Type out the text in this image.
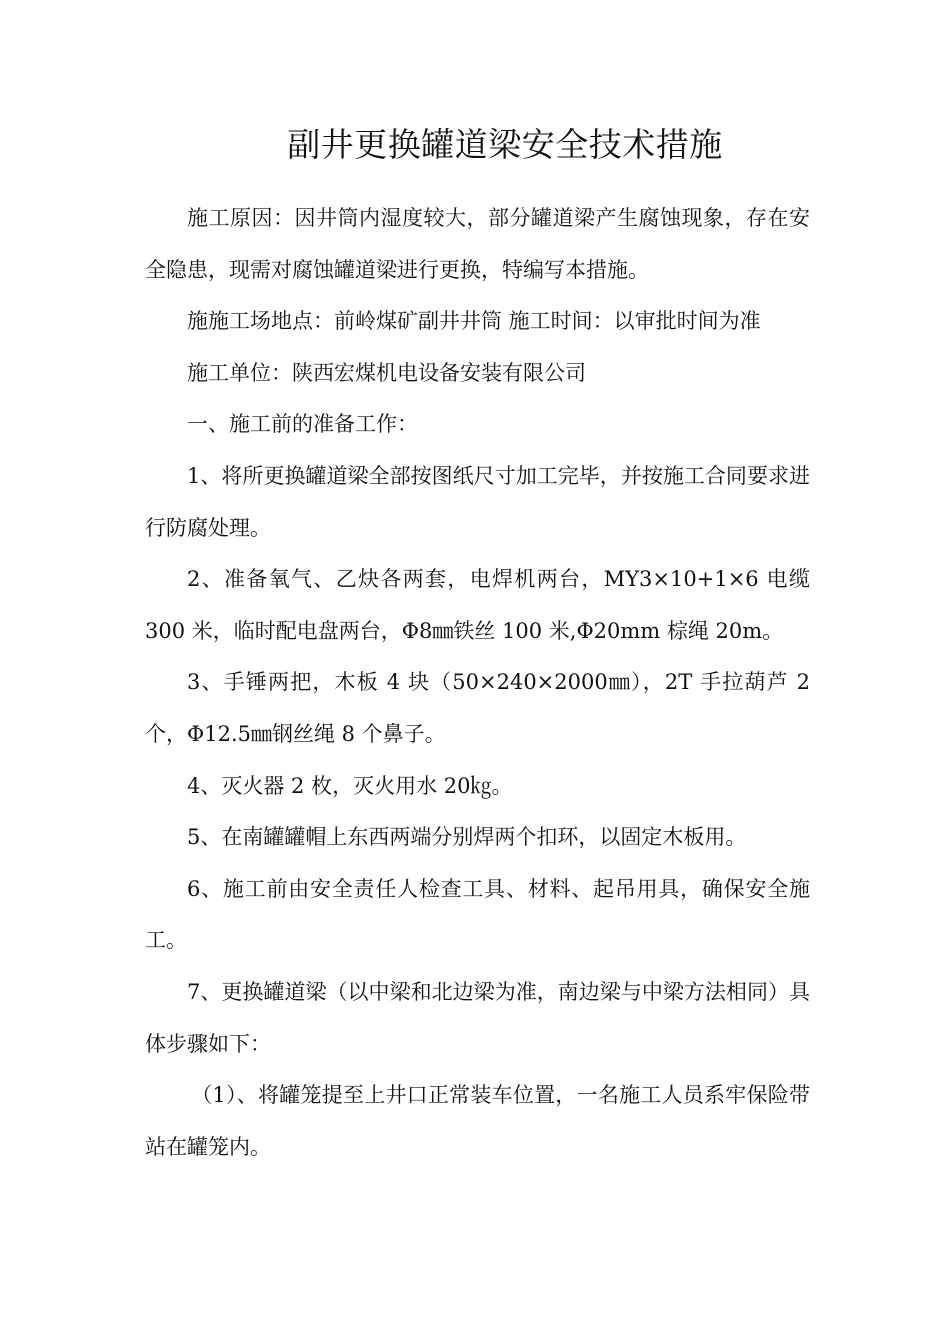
副井更换罐道梁安全技术措施

施工原因：因井筒内湿度较大，部分罐道梁产生腐蚀现象，存在安全隐患，现需对腐蚀罐道梁进行更换，特编写本措施。

施施工场地点：前岭煤矿副井井筒 施工时间：以审批时间为准

施工单位：陕西宏煤机电设备安装有限公司

一、施工前的准备工作：

1、将所更换罐道梁全部按图纸尺寸加工完毕，并按施工合同要求进行防腐处理。

2、准备氧气、乙炔各两套，电焊机两台，MY3×10+1×6 电缆 300 米，临时配电盘两台，Φ8㎜铁丝 100 米,Φ20mm 棕绳 20m。

3、手锤两把，木板 4 块（50×240×2000㎜），2T 手拉葫芦 2 个，Φ12.5㎜钢丝绳 8 个鼻子。

4、灭火器 2 枚，灭火用水 20㎏。

5、在南罐罐帽上东西两端分别焊两个扣环，以固定木板用。

6、施工前由安全责任人检查工具、材料、起吊用具，确保安全施工。

7、更换罐道梁（以中梁和北边梁为准，南边梁与中梁方法相同）具体步骤如下：

（1）、将罐笼提至上井口正常装车位置，一名施工人员系牢保险带站在罐笼内。
